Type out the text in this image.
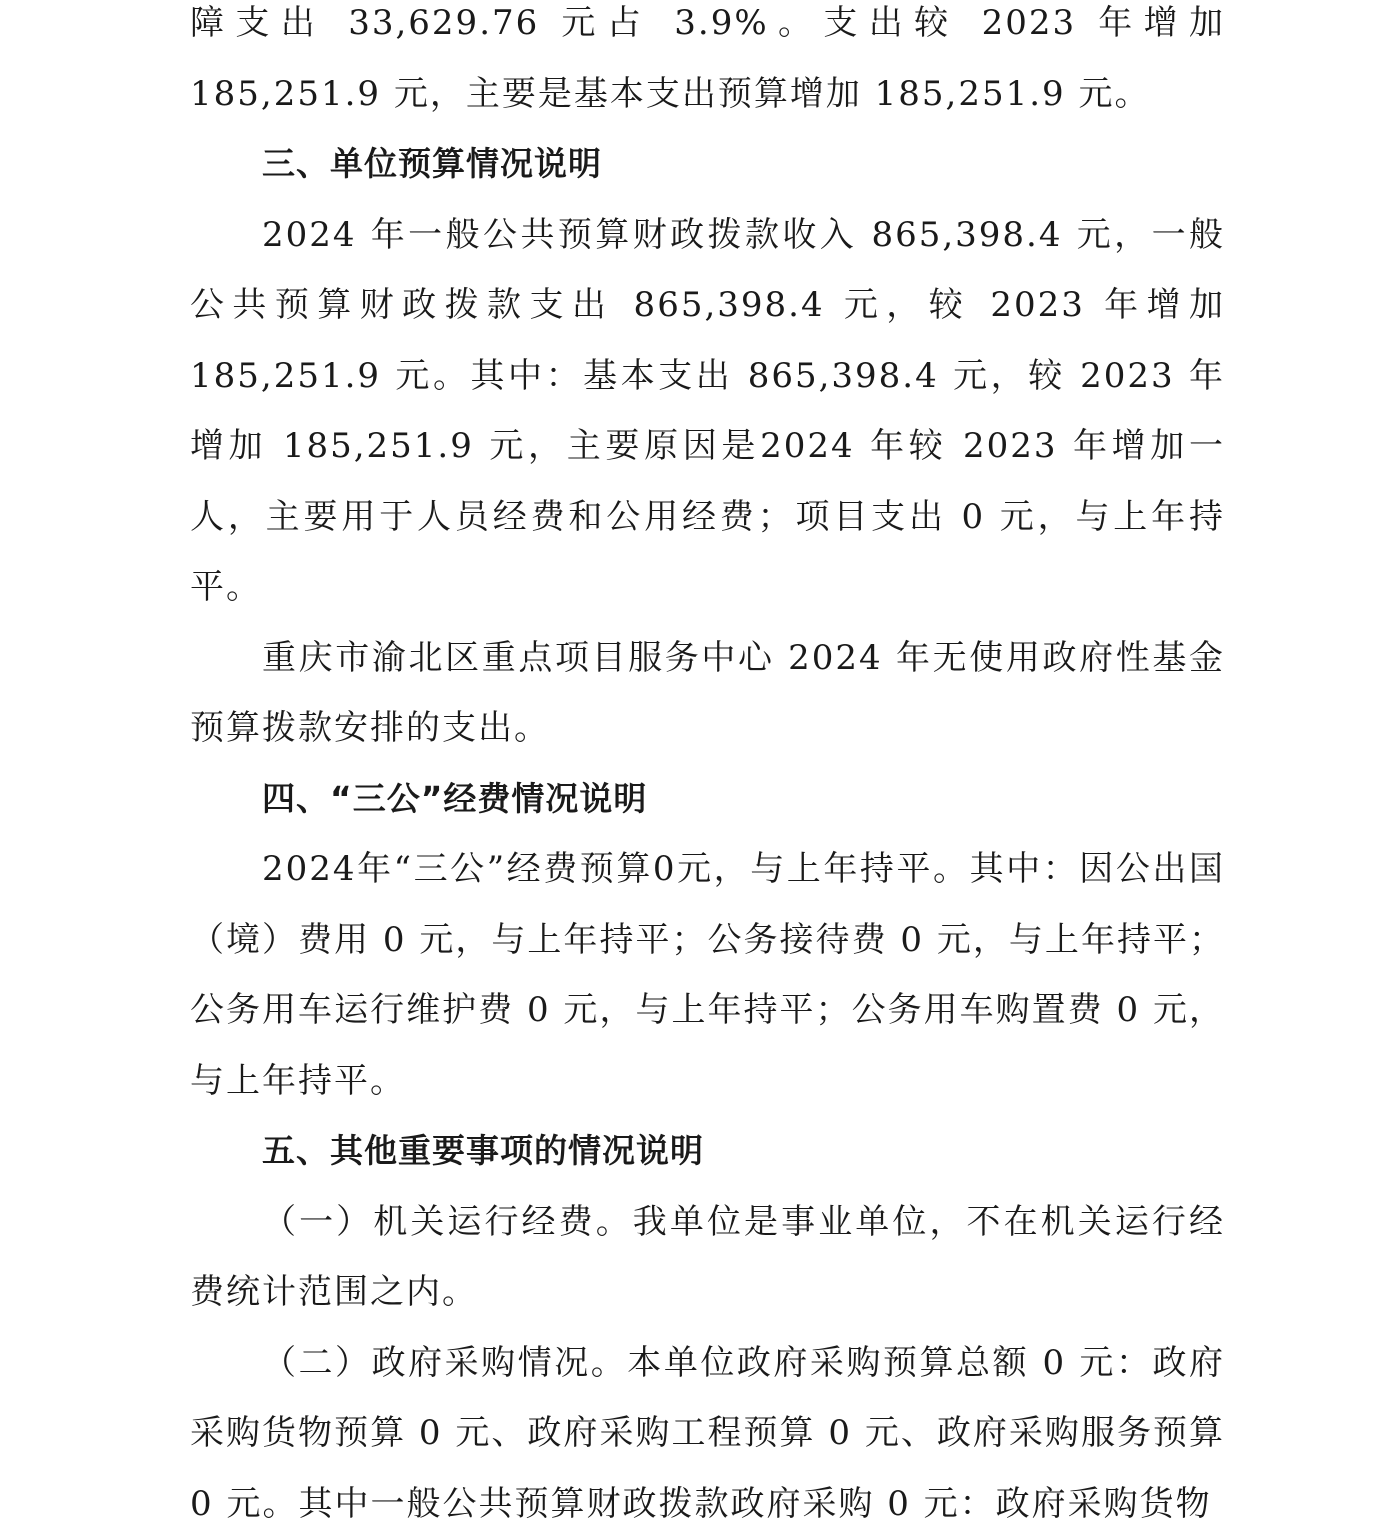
障支出 33,629.76 元占 3.9%。支出较 2023 年增加 185,251.9 元，主要是基本支出预算增加 185,251.9 元。

三、单位预算情况说明

2024 年一般公共预算财政拨款收入 865,398.4 元，一般公共预算财政拨款支出 865,398.4 元，较 2023 年增加 185,251.9 元。其中：基本支出 865,398.4 元，较 2023 年增加 185,251.9 元，主要原因是2024 年较 2023 年增加一人，主要用于人员经费和公用经费；项目支出 0 元，与上年持平。

重庆市渝北区重点项目服务中心 2024 年无使用政府性基金预算拨款安排的支出。

四、“三公”经费情况说明

2024年“三公”经费预算0元，与上年持平。其中：因公出国（境）费用 0 元，与上年持平；公务接待费 0 元，与上年持平；公务用车运行维护费 0 元，与上年持平；公务用车购置费 0 元，与上年持平。

五、其他重要事项的情况说明

（一）机关运行经费。我单位是事业单位，不在机关运行经费统计范围之内。

（二）政府采购情况。本单位政府采购预算总额 0 元：政府采购货物预算 0 元、政府采购工程预算 0 元、政府采购服务预算0 元。其中一般公共预算财政拨款政府采购 0 元：政府采购货物
